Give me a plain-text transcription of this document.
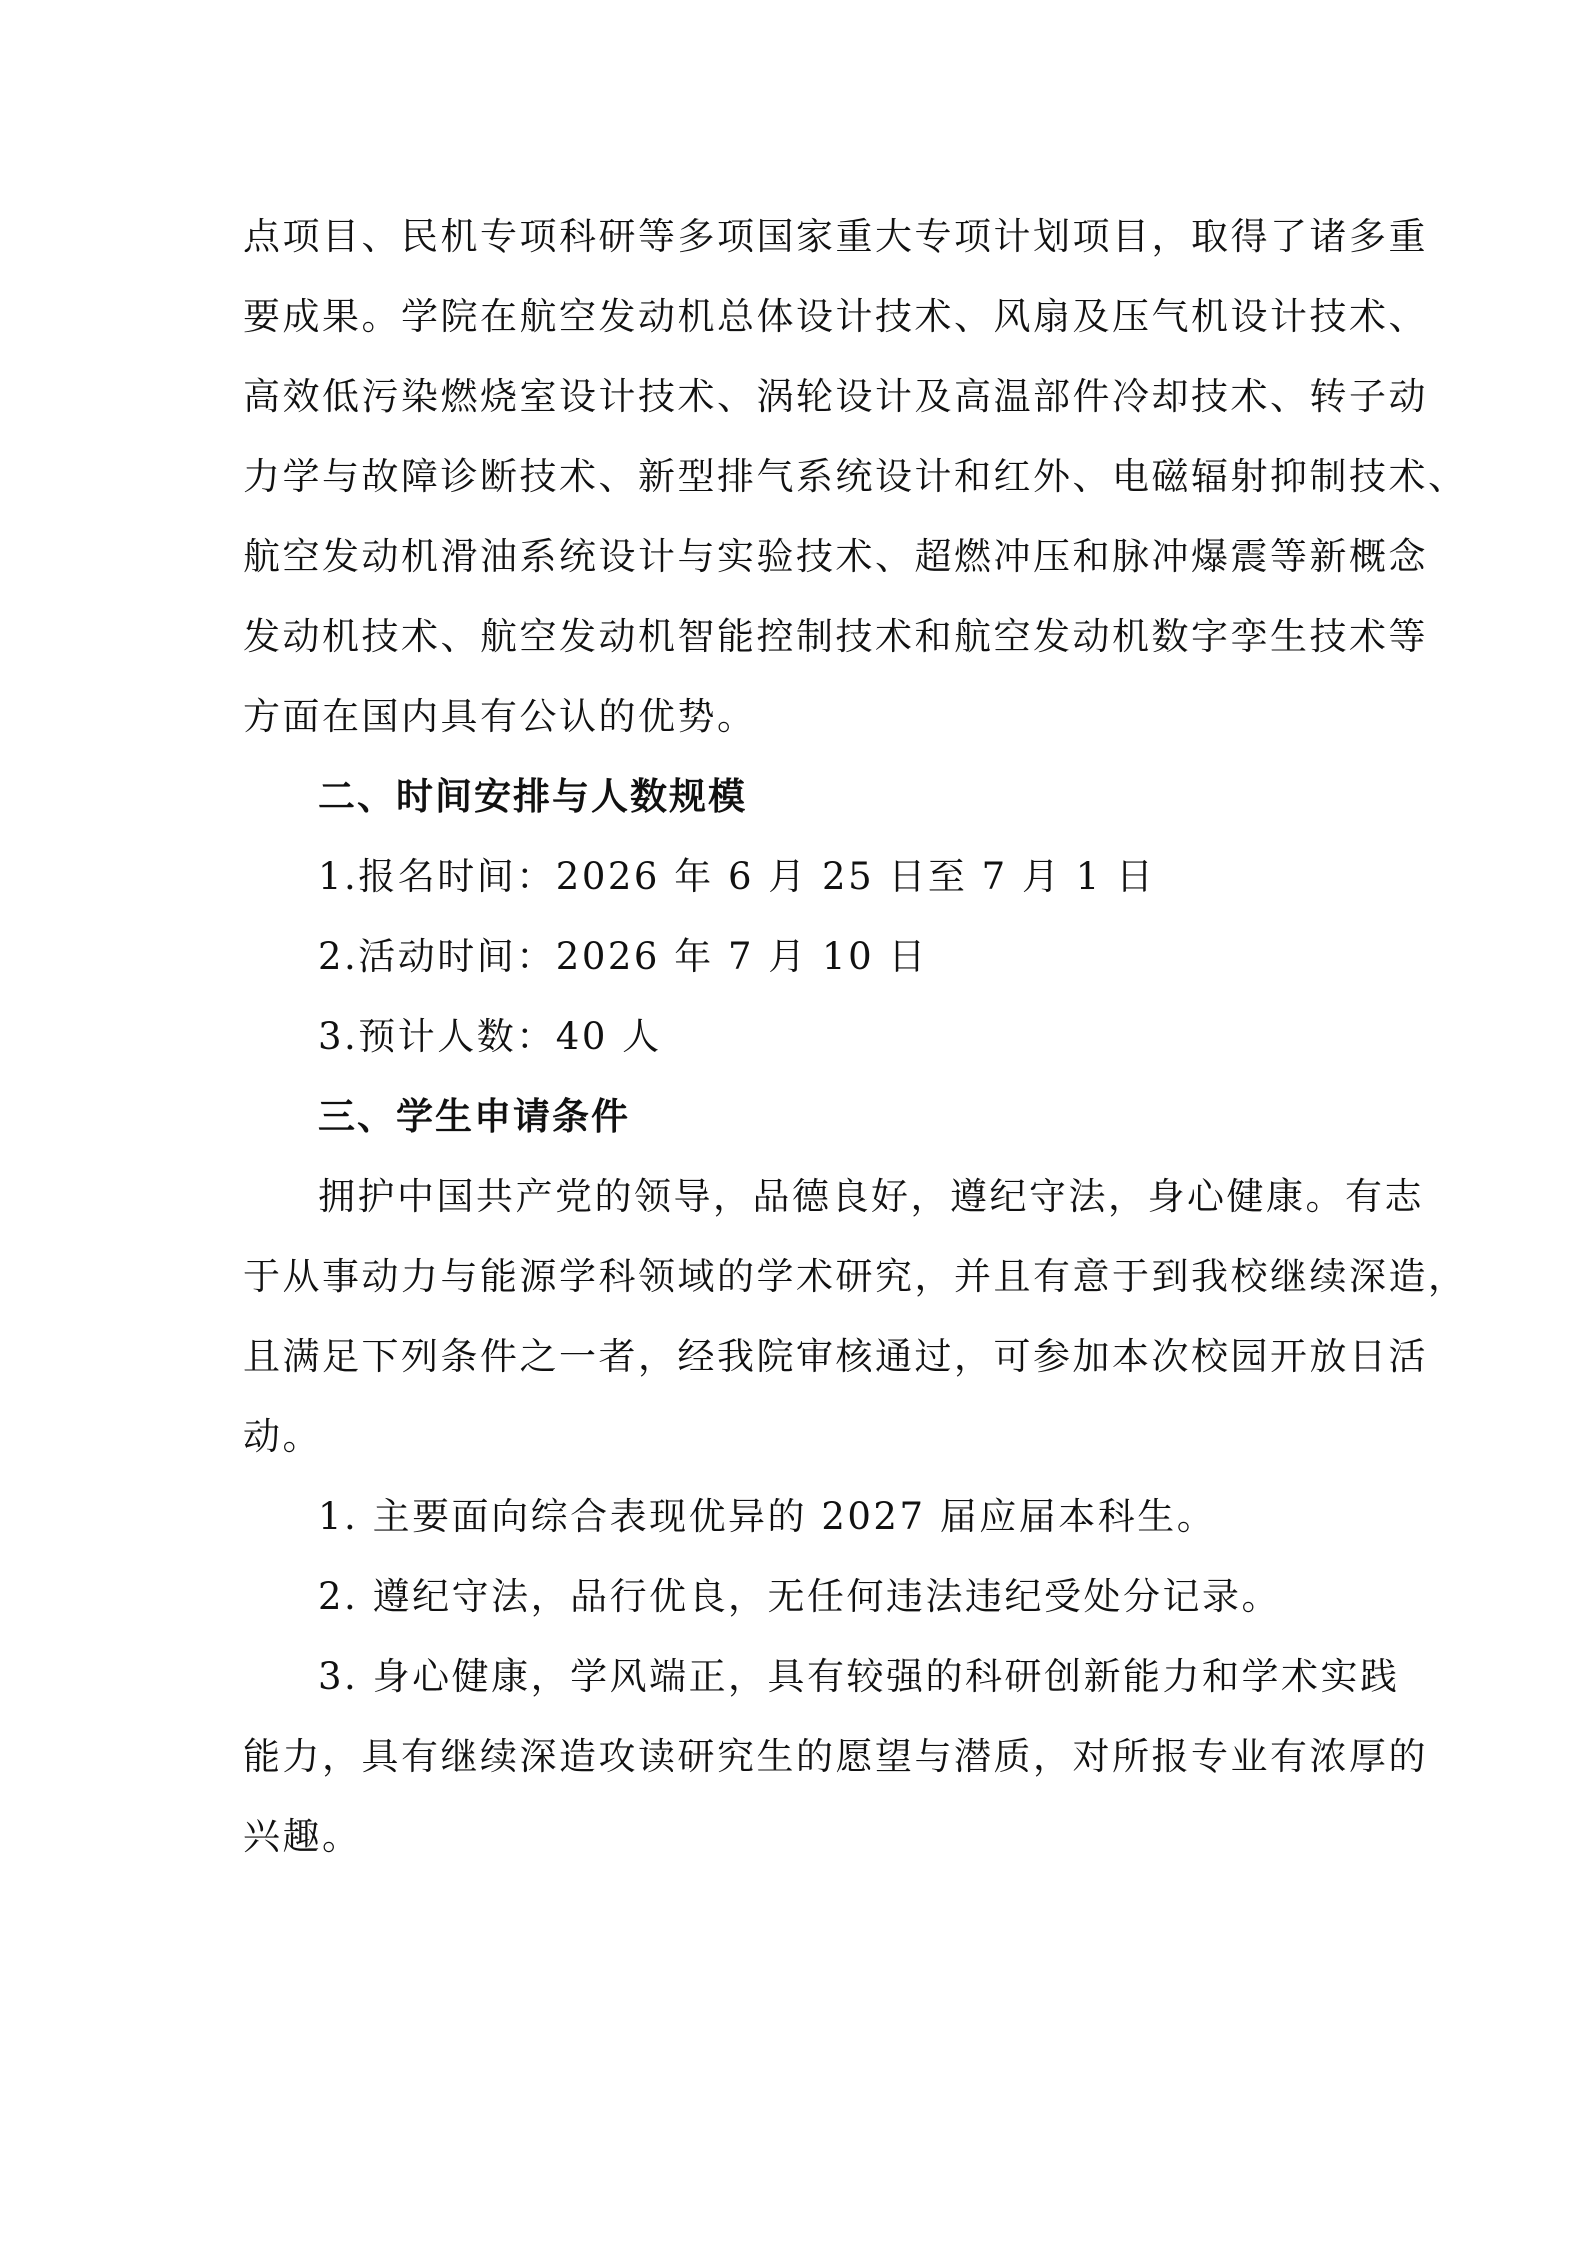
点项目、民机专项科研等多项国家重大专项计划项目，取得了诸多重
要成果。学院在航空发动机总体设计技术、风扇及压气机设计技术、
高效低污染燃烧室设计技术、涡轮设计及高温部件冷却技术、转子动
力学与故障诊断技术、新型排气系统设计和红外、电磁辐射抑制技术、
航空发动机滑油系统设计与实验技术、超燃冲压和脉冲爆震等新概念
发动机技术、航空发动机智能控制技术和航空发动机数字孪生技术等
方面在国内具有公认的优势。
二、时间安排与人数规模
1.报名时间：2026 年 6 月 25 日至 7 月 1 日
2.活动时间：2026 年 7 月 10 日
3.预计人数：40 人
三、学生申请条件
拥护中国共产党的领导，品德良好，遵纪守法，身心健康。有志
于从事动力与能源学科领域的学术研究，并且有意于到我校继续深造，
且满足下列条件之一者，经我院审核通过，可参加本次校园开放日活
动。
1. 主要面向综合表现优异的 2027 届应届本科生。
2. 遵纪守法，品行优良，无任何违法违纪受处分记录。
3. 身心健康，学风端正，具有较强的科研创新能力和学术实践
能力，具有继续深造攻读研究生的愿望与潜质，对所报专业有浓厚的
兴趣。
